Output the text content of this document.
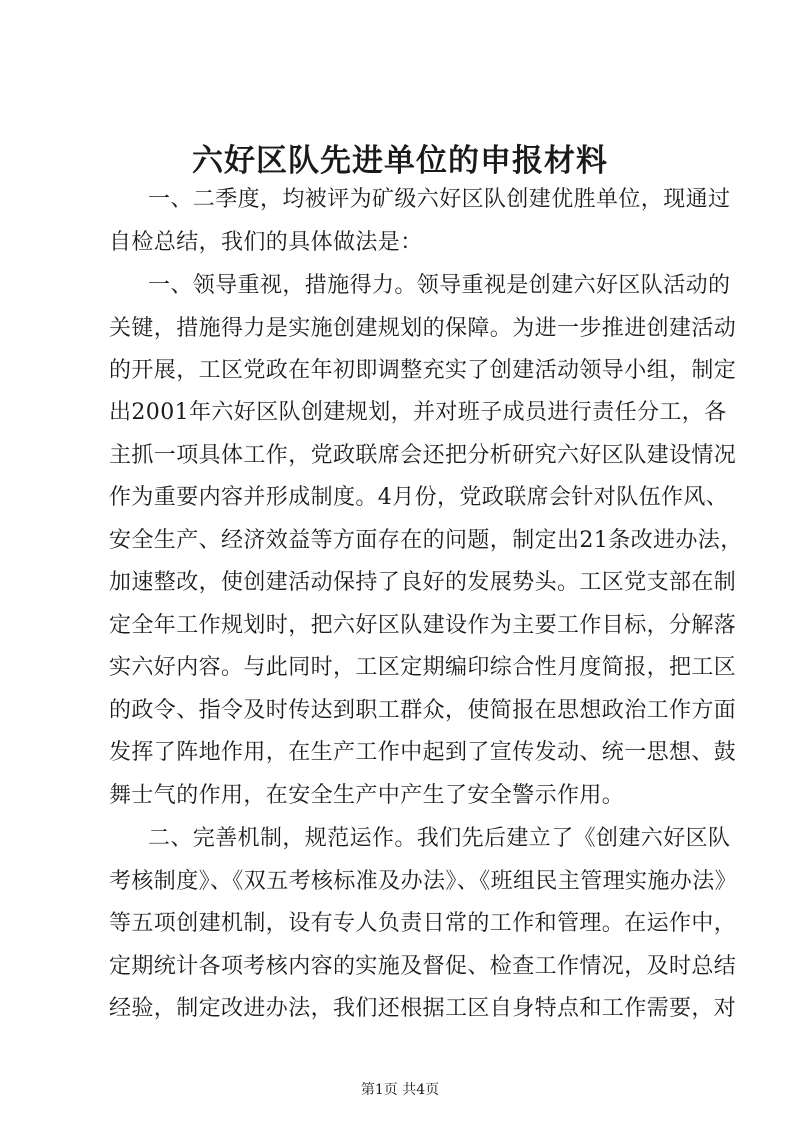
六好区队先进单位的申报材料
一、二季度，均被评为矿级六好区队创建优胜单位，现通过
自检总结，我们的具体做法是：
一、领导重视，措施得力。领导重视是创建六好区队活动的
关键，措施得力是实施创建规划的保障。为进一步推进创建活动
的开展，工区党政在年初即调整充实了创建活动领导小组，制定
出2001年六好区队创建规划，并对班子成员进行责任分工，各
主抓一项具体工作，党政联席会还把分析研究六好区队建设情况
作为重要内容并形成制度。4月份，党政联席会针对队伍作风、
安全生产、经济效益等方面存在的问题，制定出21条改进办法，
加速整改，使创建活动保持了良好的发展势头。工区党支部在制
定全年工作规划时，把六好区队建设作为主要工作目标，分解落
实六好内容。与此同时，工区定期编印综合性月度简报，把工区
的政令、指令及时传达到职工群众，使简报在思想政治工作方面
发挥了阵地作用，在生产工作中起到了宣传发动、统一思想、鼓
舞士气的作用，在安全生产中产生了安全警示作用。
二、完善机制，规范运作。我们先后建立了《创建六好区队
考核制度》、《双五考核标准及办法》、《班组民主管理实施办法》
等五项创建机制，设有专人负责日常的工作和管理。在运作中，
定期统计各项考核内容的实施及督促、检查工作情况，及时总结
经验，制定改进办法，我们还根据工区自身特点和工作需要，对
第1页 共4页
